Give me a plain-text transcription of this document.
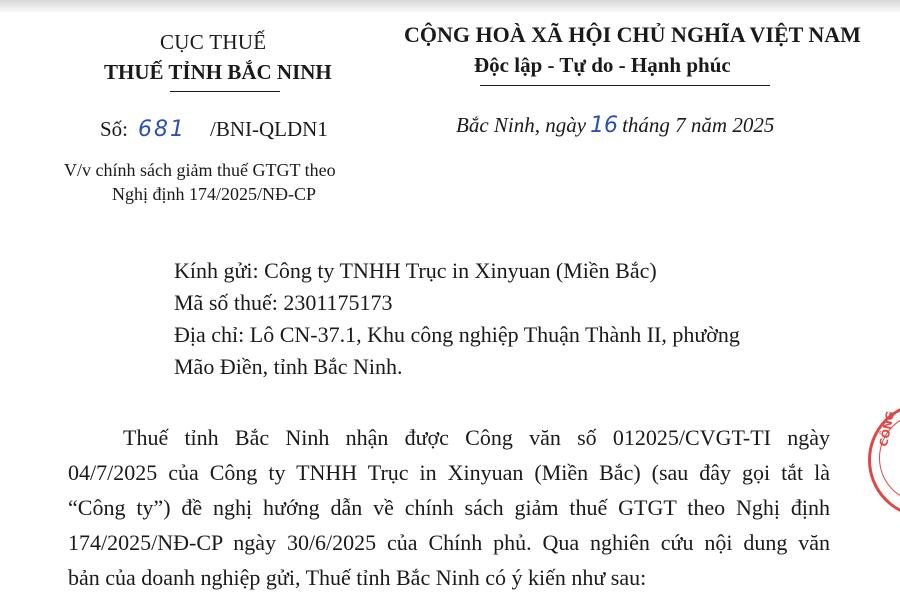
CỤC THUẾ
THUẾ TỈNH BẮC NINH
CỘNG HOÀ XÃ HỘI CHỦ NGHĨA VIỆT NAM
Độc lập - Tự do - Hạnh phúc
Số: 681 /BNI-QLDN1	Bắc Ninh, ngày 16 tháng 7 năm 2025
V/v chính sách giảm thuế GTGT theo
Nghị định 174/2025/NĐ-CP
Kính gửi: Công ty TNHH Trục in Xinyuan (Miền Bắc)
Mã số thuế: 2301175173
Địa chỉ: Lô CN-37.1, Khu công nghiệp Thuận Thành II, phường
Mão Điền, tỉnh Bắc Ninh.
Thuế tỉnh Bắc Ninh nhận được Công văn số 012025/CVGT-TI ngày
04/7/2025 của Công ty TNHH Trục in Xinyuan (Miền Bắc) (sau đây gọi tắt là
“Công ty”) đề nghị hướng dẫn về chính sách giảm thuế GTGT theo Nghị định
174/2025/NĐ-CP ngày 30/6/2025 của Chính phủ. Qua nghiên cứu nội dung văn
bản của doanh nghiệp gửi, Thuế tỉnh Bắc Ninh có ý kiến như sau:
CÔNG
